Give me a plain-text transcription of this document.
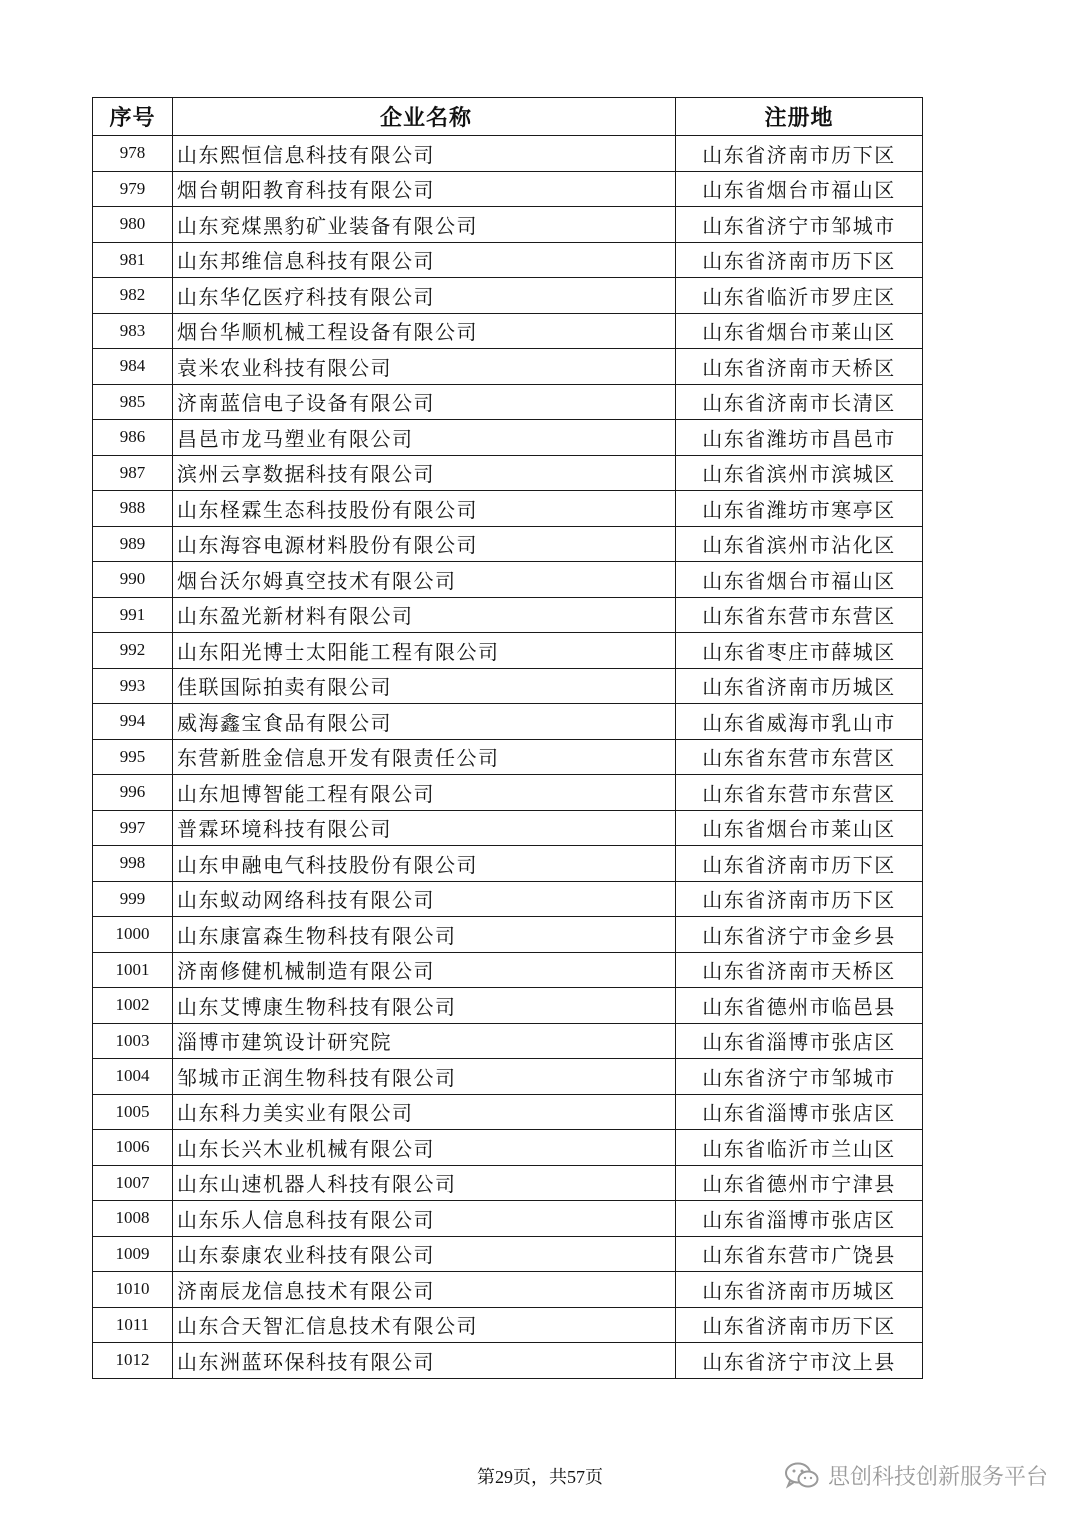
序号	企业名称	注册地
978	山东熙恒信息科技有限公司	山东省济南市历下区
979	烟台朝阳教育科技有限公司	山东省烟台市福山区
980	山东兖煤黑豹矿业装备有限公司	山东省济宁市邹城市
981	山东邦维信息科技有限公司	山东省济南市历下区
982	山东华亿医疗科技有限公司	山东省临沂市罗庄区
983	烟台华顺机械工程设备有限公司	山东省烟台市莱山区
984	袁米农业科技有限公司	山东省济南市天桥区
985	济南蓝信电子设备有限公司	山东省济南市长清区
986	昌邑市龙马塑业有限公司	山东省潍坊市昌邑市
987	滨州云享数据科技有限公司	山东省滨州市滨城区
988	山东柽霖生态科技股份有限公司	山东省潍坊市寒亭区
989	山东海容电源材料股份有限公司	山东省滨州市沾化区
990	烟台沃尔姆真空技术有限公司	山东省烟台市福山区
991	山东盈光新材料有限公司	山东省东营市东营区
992	山东阳光博士太阳能工程有限公司	山东省枣庄市薛城区
993	佳联国际拍卖有限公司	山东省济南市历城区
994	威海鑫宝食品有限公司	山东省威海市乳山市
995	东营新胜金信息开发有限责任公司	山东省东营市东营区
996	山东旭博智能工程有限公司	山东省东营市东营区
997	普霖环境科技有限公司	山东省烟台市莱山区
998	山东申融电气科技股份有限公司	山东省济南市历下区
999	山东蚁动网络科技有限公司	山东省济南市历下区
1000	山东康富森生物科技有限公司	山东省济宁市金乡县
1001	济南修健机械制造有限公司	山东省济南市天桥区
1002	山东艾博康生物科技有限公司	山东省德州市临邑县
1003	淄博市建筑设计研究院	山东省淄博市张店区
1004	邹城市正润生物科技有限公司	山东省济宁市邹城市
1005	山东科力美实业有限公司	山东省淄博市张店区
1006	山东长兴木业机械有限公司	山东省临沂市兰山区
1007	山东山速机器人科技有限公司	山东省德州市宁津县
1008	山东乐人信息科技有限公司	山东省淄博市张店区
1009	山东泰康农业科技有限公司	山东省东营市广饶县
1010	济南辰龙信息技术有限公司	山东省济南市历城区
1011	山东合天智汇信息技术有限公司	山东省济南市历下区
1012	山东洲蓝环保科技有限公司	山东省济宁市汶上县
第29页，共57页	思创科技创新服务平台
